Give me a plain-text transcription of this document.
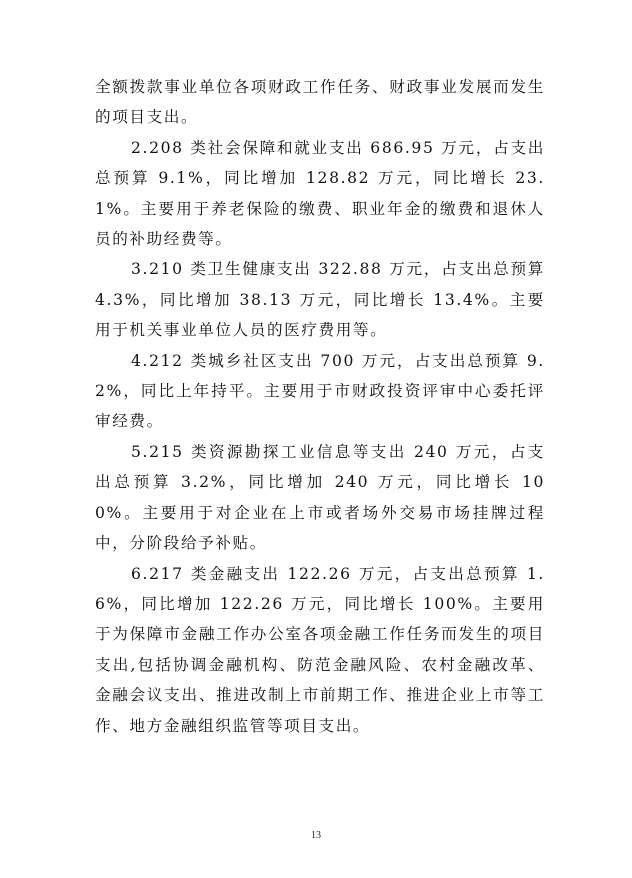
全额拨款事业单位各项财政工作任务、财政事业发展而发生的项目支出。

2.208 类社会保障和就业支出 686.95 万元，占支出总预算 9.1%，同比增加 128.82 万元，同比增长 23.1%。主要用于养老保险的缴费、职业年金的缴费和退休人员的补助经费等。

3.210 类卫生健康支出 322.88 万元，占支出总预算 4.3%，同比增加 38.13 万元，同比增长 13.4%。主要用于机关事业单位人员的医疗费用等。

4.212 类城乡社区支出 700 万元，占支出总预算 9.2%，同比上年持平。主要用于市财政投资评审中心委托评审经费。

5.215 类资源勘探工业信息等支出 240 万元，占支出总预算 3.2%，同比增加 240 万元，同比增长 100%。主要用于对企业在上市或者场外交易市场挂牌过程中，分阶段给予补贴。

6.217 类金融支出 122.26 万元，占支出总预算 1.6%，同比增加 122.26 万元，同比增长 100%。主要用于为保障市金融工作办公室各项金融工作任务而发生的项目支出,包括协调金融机构、防范金融风险、农村金融改革、金融会议支出、推进改制上市前期工作、推进企业上市等工作、地方金融组织监管等项目支出。

13
